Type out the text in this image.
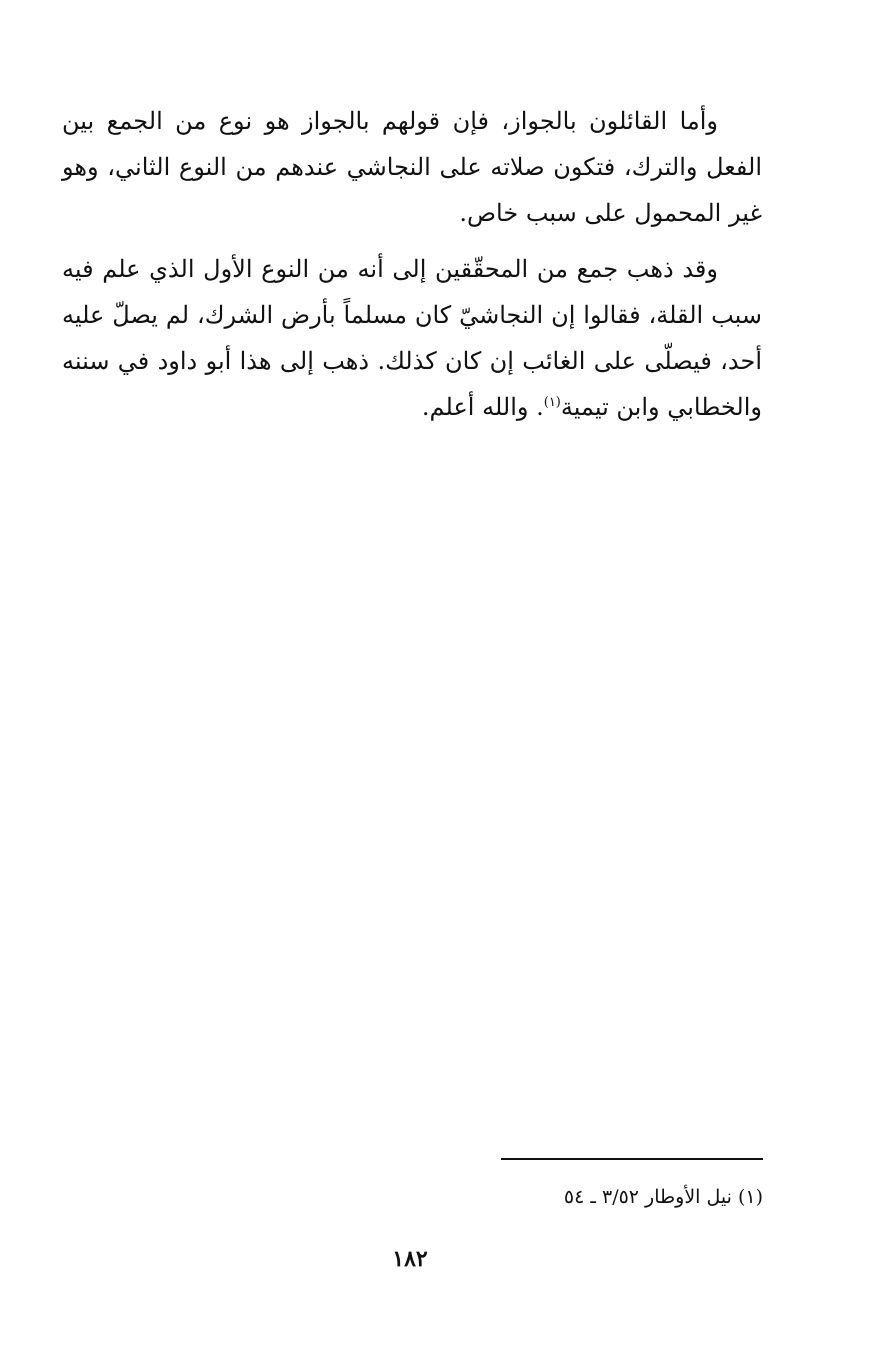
وأما القائلون بالجواز، فإن قولهم بالجواز هو نوع من الجمع بين الفعل والترك، فتكون صلاته على النجاشي عندهم من النوع الثاني، وهو غير المحمول على سبب خاص.

وقد ذهب جمع من المحقّقين إلى أنه من النوع الأول الذي علم فيه سبب القلة، فقالوا إن النجاشيّ كان مسلماً بأرض الشرك، لم يصلّ عليه أحد، فيصلّى على الغائب إن كان كذلك. ذهب إلى هذا أبو داود في سننه والخطابي وابن تيمية$^{(١)}$. والله أعلم.

(١) نيل الأوطار ٣/٥٢ ـ ٥٤
١٨٢
